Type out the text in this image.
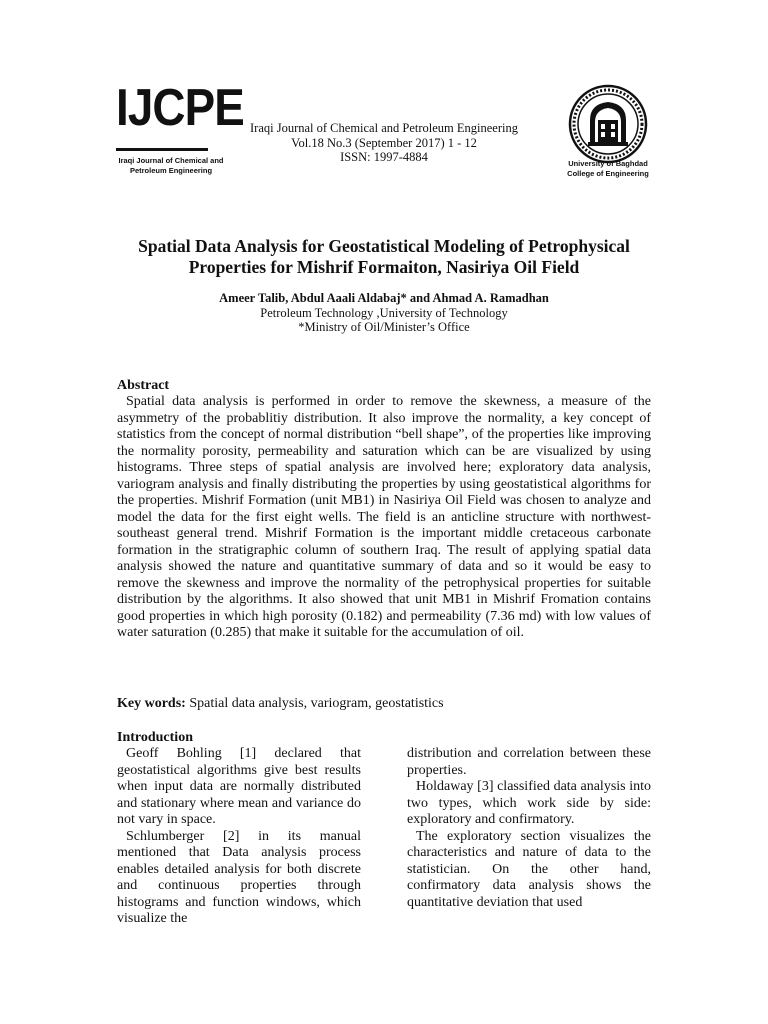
IJCPE
Iraqi Journal of Chemical and
Petroleum Engineering
Iraqi Journal of Chemical and Petroleum Engineering
Vol.18 No.3 (September 2017) 1 - 12
ISSN: 1997-4884	University of Baghdad
College of Engineering
Spatial Data Analysis for Geostatistical Modeling of Petrophysical
Properties for Mishrif Formaiton, Nasiriya Oil Field
Ameer Talib, Abdul Aaali Aldabaj* and Ahmad A. Ramadhan
Petroleum Technology ,University of Technology
*Ministry of Oil/Minister’s Office
Abstract
Spatial data analysis is performed in order to remove the skewness, a measure of the asymmetry of the probablitiy distribution. It also improve the normality, a key concept of statistics from the concept of normal distribution “bell shape”, of the properties like improving the normality porosity, permeability and saturation which can be are visualized by using histograms. Three steps of spatial analysis are involved here; exploratory data analysis, variogram analysis and finally distributing the properties by using geostatistical algorithms for the properties. Mishrif Formation (unit MB1) in Nasiriya Oil Field was chosen to analyze and model the data for the first eight wells. The field is an anticline structure with northwest- southeast general trend. Mishrif Formation is the important middle cretaceous carbonate formation in the stratigraphic column of southern Iraq. The result of applying spatial data analysis showed the nature and quantitative summary of data and so it would be easy to remove the skewness and improve the normality of the petrophysical properties for suitable distribution by the algorithms. It also showed that unit MB1 in Mishrif Fromation contains good properties in which high porosity (0.182) and permeability (7.36 md) with low values of water saturation (0.285) that make it suitable for the accumulation of oil.
Key words: Spatial data analysis, variogram, geostatistics
Introduction

Geoff Bohling [1] declared that geostatistical algorithms give best results when input data are normally distributed and stationary where mean and variance do not vary in space.

Schlumberger [2] in its manual mentioned that Data analysis process enables detailed analysis for both discrete and continuous properties through histograms and function windows, which visualize the

distribution and correlation between these properties.

Holdaway [3] classified data analysis into two types, which work side by side: exploratory and confirmatory.

The exploratory section visualizes the characteristics and nature of data to the statistician. On the other hand, confirmatory data analysis shows the quantitative deviation that used
